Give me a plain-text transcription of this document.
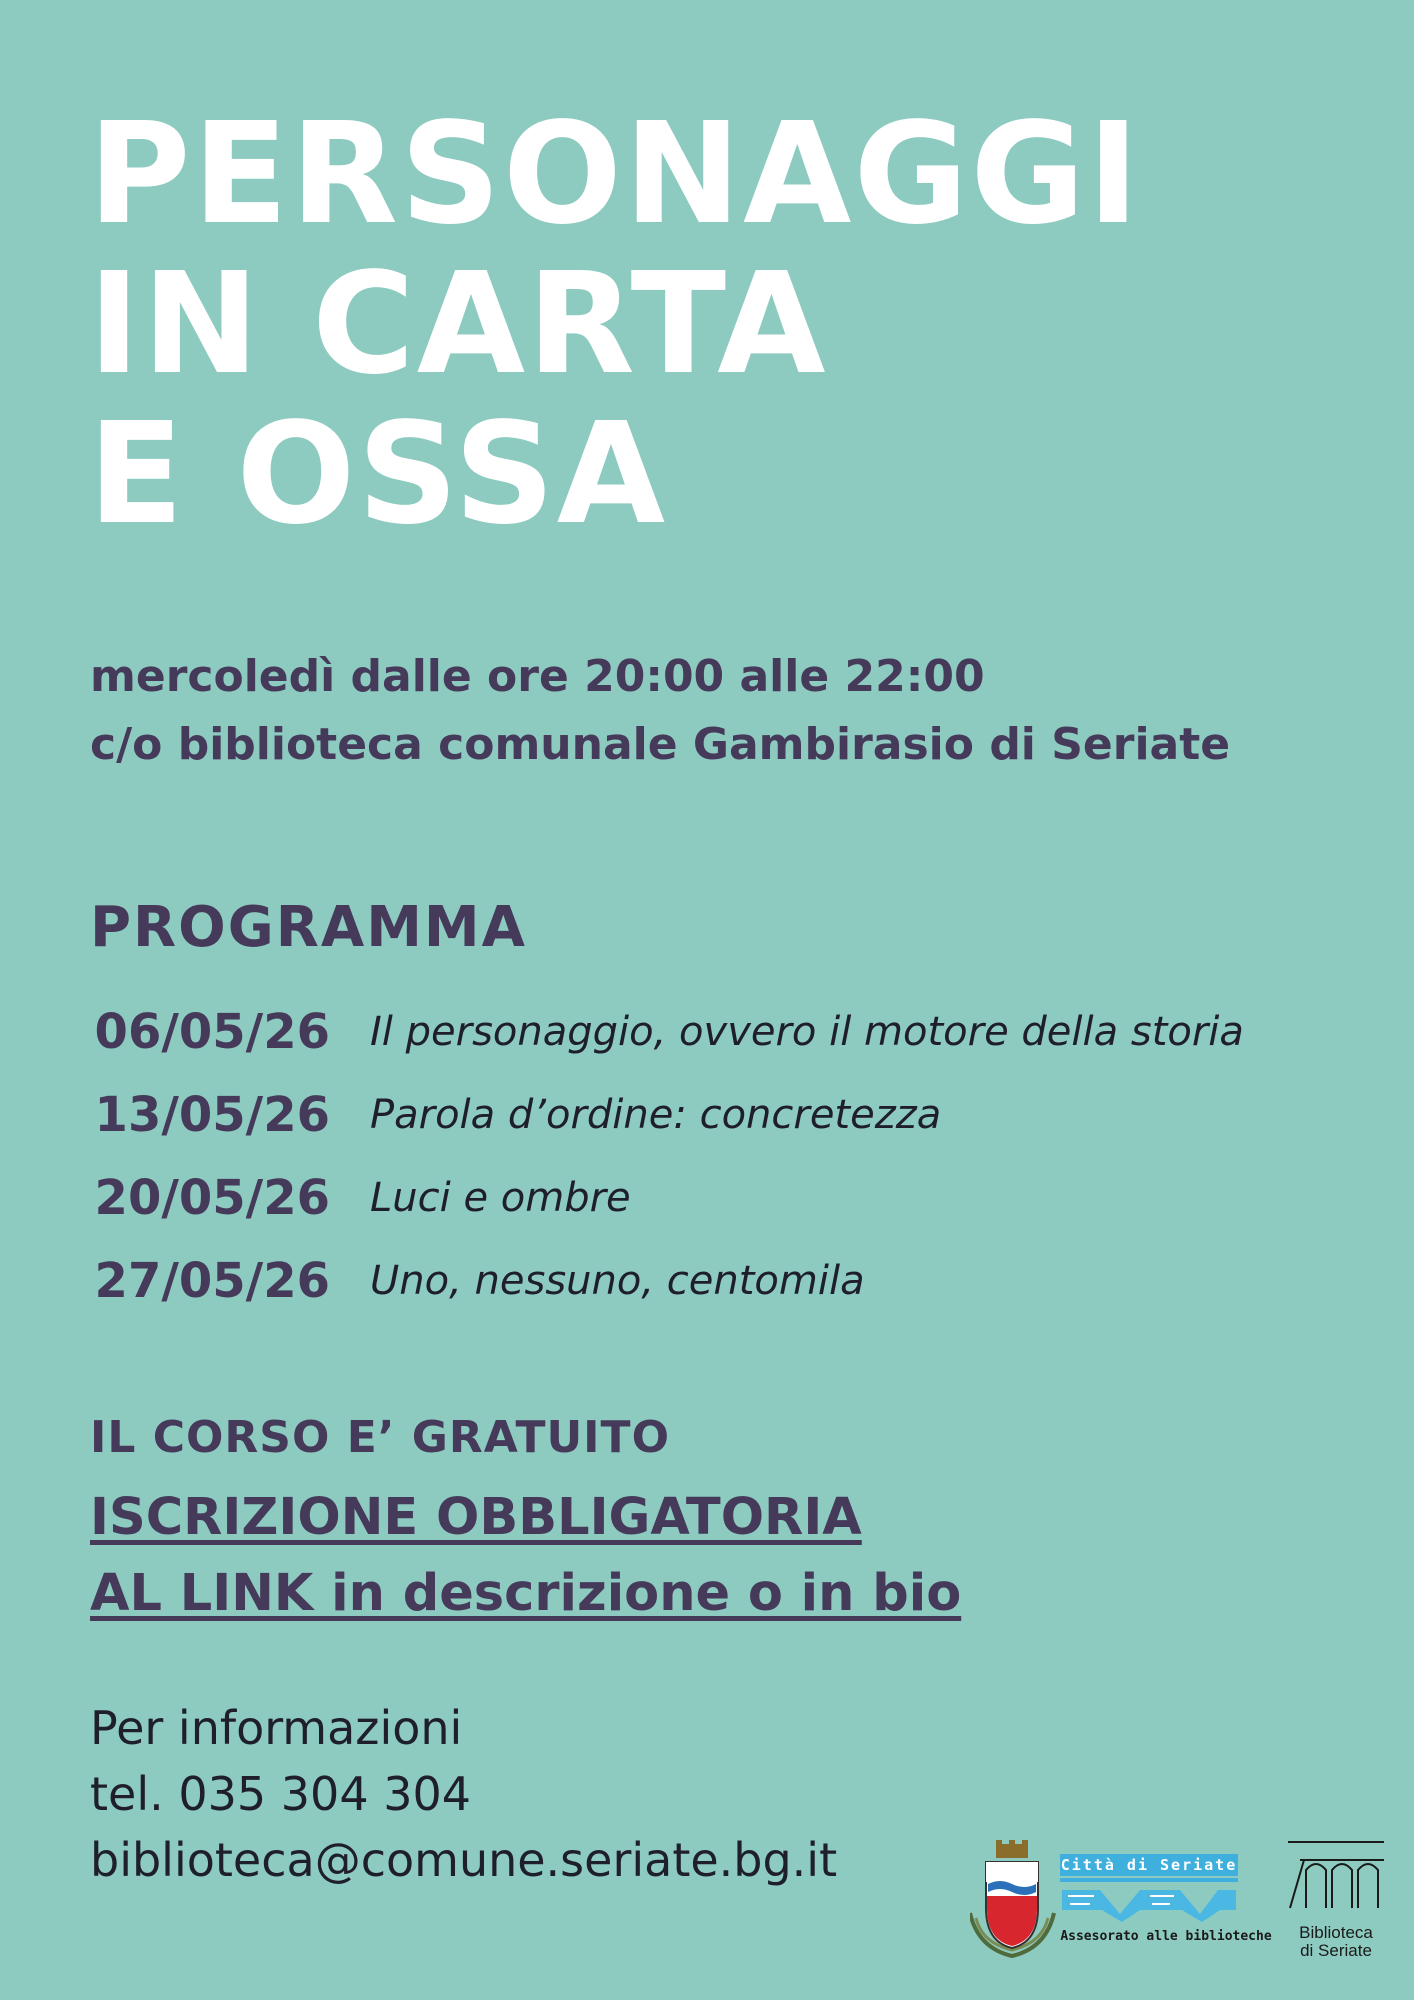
PERSONAGGI
IN CARTA
E OSSA
mercoledì dalle ore 20:00 alle 22:00
c/o biblioteca comunale Gambirasio di Seriate
PROGRAMMA
06/05/26 Il personaggio, ovvero il motore della storia
13/05/26 Parola d’ordine: concretezza
20/05/26 Luci e ombre
27/05/26 Uno, nessuno, centomila
IL CORSO E’ GRATUITO
ISCRIZIONE OBBLIGATORIA
AL LINK in descrizione o in bio
Per informazioni
tel. 035 304 304
biblioteca@comune.seriate.bg.it	Città di Seriate
Assesorato alle biblioteche Biblioteca
di Seriate
